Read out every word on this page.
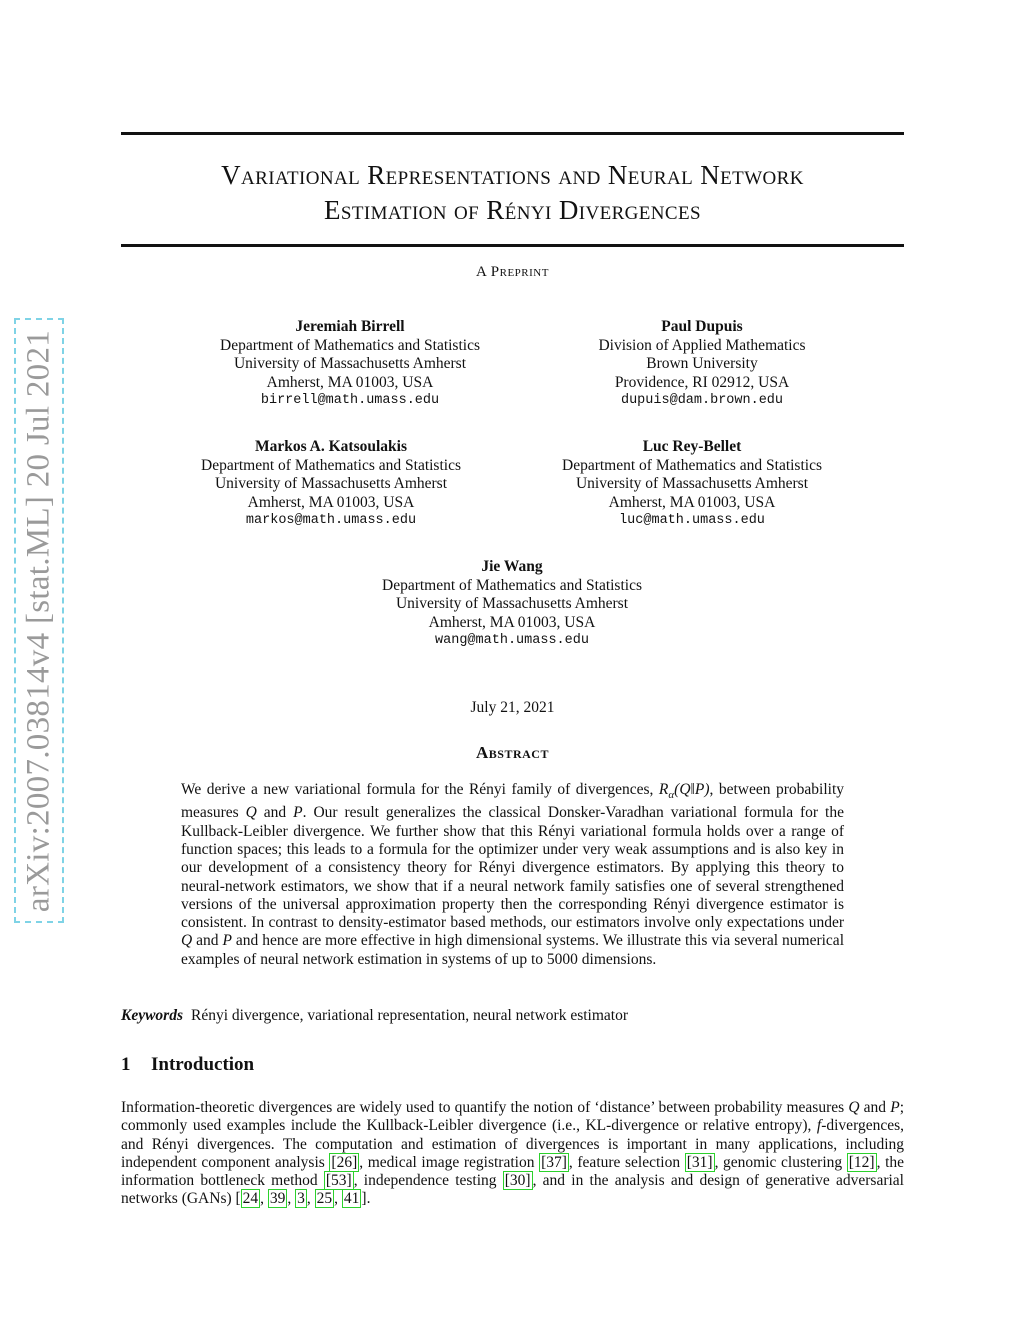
arXiv:2007.03814v4 [stat.ML] 20 Jul 2021
Variational Representations and Neural Network
Estimation of Rényi Divergences
A Preprint
Jeremiah Birrell
Department of Mathematics and Statistics
University of Massachusetts Amherst
Amherst, MA 01003, USA
birrell@math.umass.edu
Paul Dupuis
Division of Applied Mathematics
Brown University
Providence, RI 02912, USA
dupuis@dam.brown.edu
Markos A. Katsoulakis
Department of Mathematics and Statistics
University of Massachusetts Amherst
Amherst, MA 01003, USA
markos@math.umass.edu
Luc Rey-Bellet
Department of Mathematics and Statistics
University of Massachusetts Amherst
Amherst, MA 01003, USA
luc@math.umass.edu
Jie Wang
Department of Mathematics and Statistics
University of Massachusetts Amherst
Amherst, MA 01003, USA
wang@math.umass.edu
July 21, 2021
Abstract
We derive a new variational formula for the Rényi family of divergences, $R_\alpha(Q‖P)$, between probability measures Q and P. Our result generalizes the classical Donsker-Varadhan variational formula for the Kullback-Leibler divergence. We further show that this Rényi variational formula holds over a range of function spaces; this leads to a formula for the optimizer under very weak assumptions and is also key in our development of a consistency theory for Rényi divergence estimators. By applying this theory to neural-network estimators, we show that if a neural network family satisfies one of several strengthened versions of the universal approximation property then the corresponding Rényi divergence estimator is consistent. In contrast to density-estimator based methods, our estimators involve only expectations under Q and P and hence are more effective in high dimensional systems. We illustrate this via several numerical examples of neural network estimation in systems of up to 5000 dimensions.
Keywords Rényi divergence, variational representation, neural network estimator
1 Introduction
Information-theoretic divergences are widely used to quantify the notion of ‘distance’ between probability measures Q and P; commonly used examples include the Kullback-Leibler divergence (i.e., KL-divergence or relative entropy), f-divergences, and Rényi divergences. The computation and estimation of divergences is important in many applications, including independent component analysis [26] , medical image registration [37] , feature selection [31] , genomic clustering [12] , the information bottleneck method [53] , independence testing [30] , and in the analysis and design of generative adversarial networks (GANs) [ 24 , 39 , 3 , 25 , 41 ].
